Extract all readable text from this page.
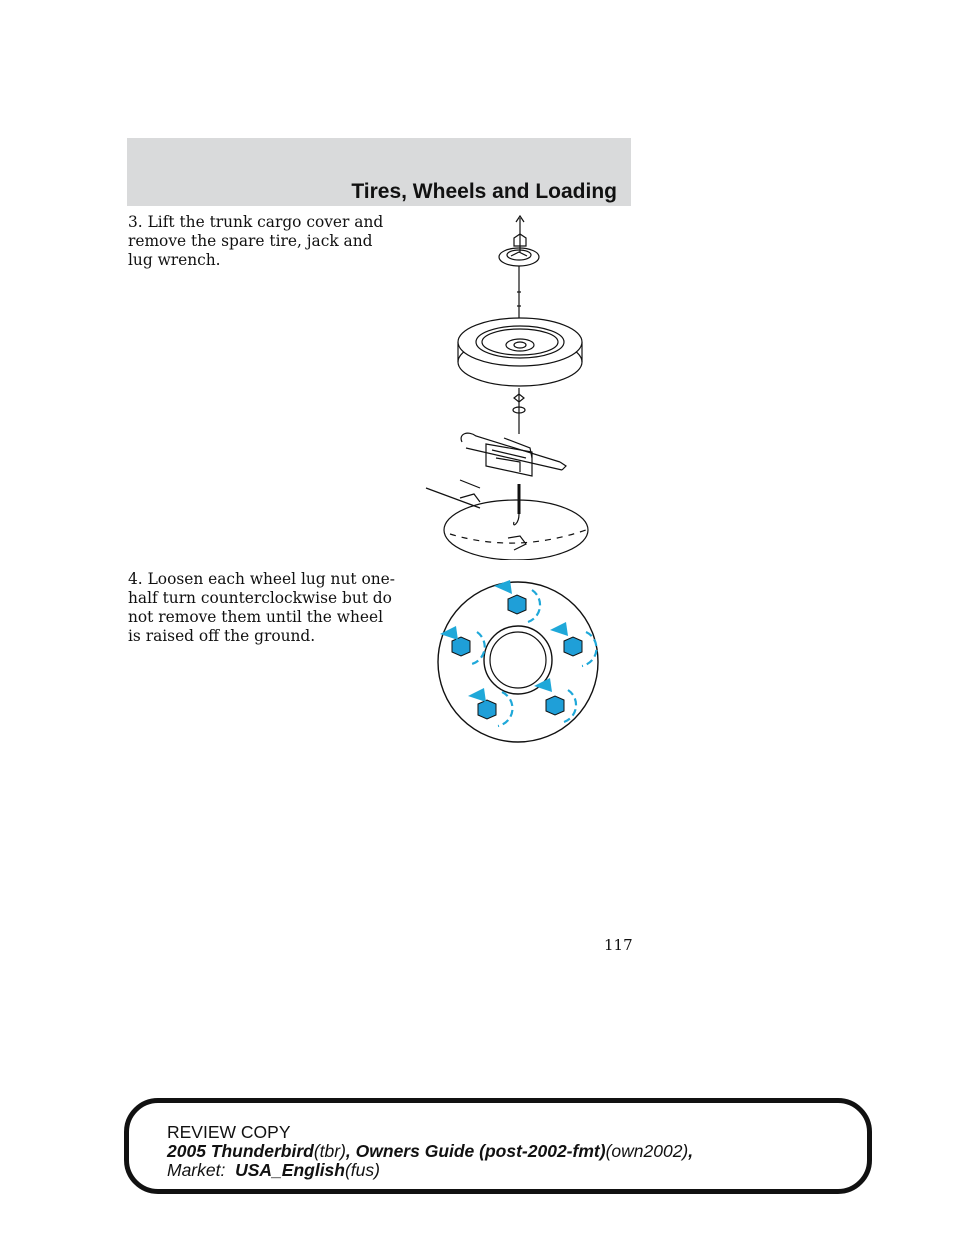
Tires, Wheels and Loading

3. Lift the trunk cargo cover and remove the spare tire, jack and lug wrench.

4. Loosen each wheel lug nut one-half turn counterclockwise but do not remove them until the wheel is raised off the ground.

117
REVIEW COPY
2005 Thunderbird(tbr), Owners Guide (post-2002-fmt)(own2002),
Market: USA_English(fus)
